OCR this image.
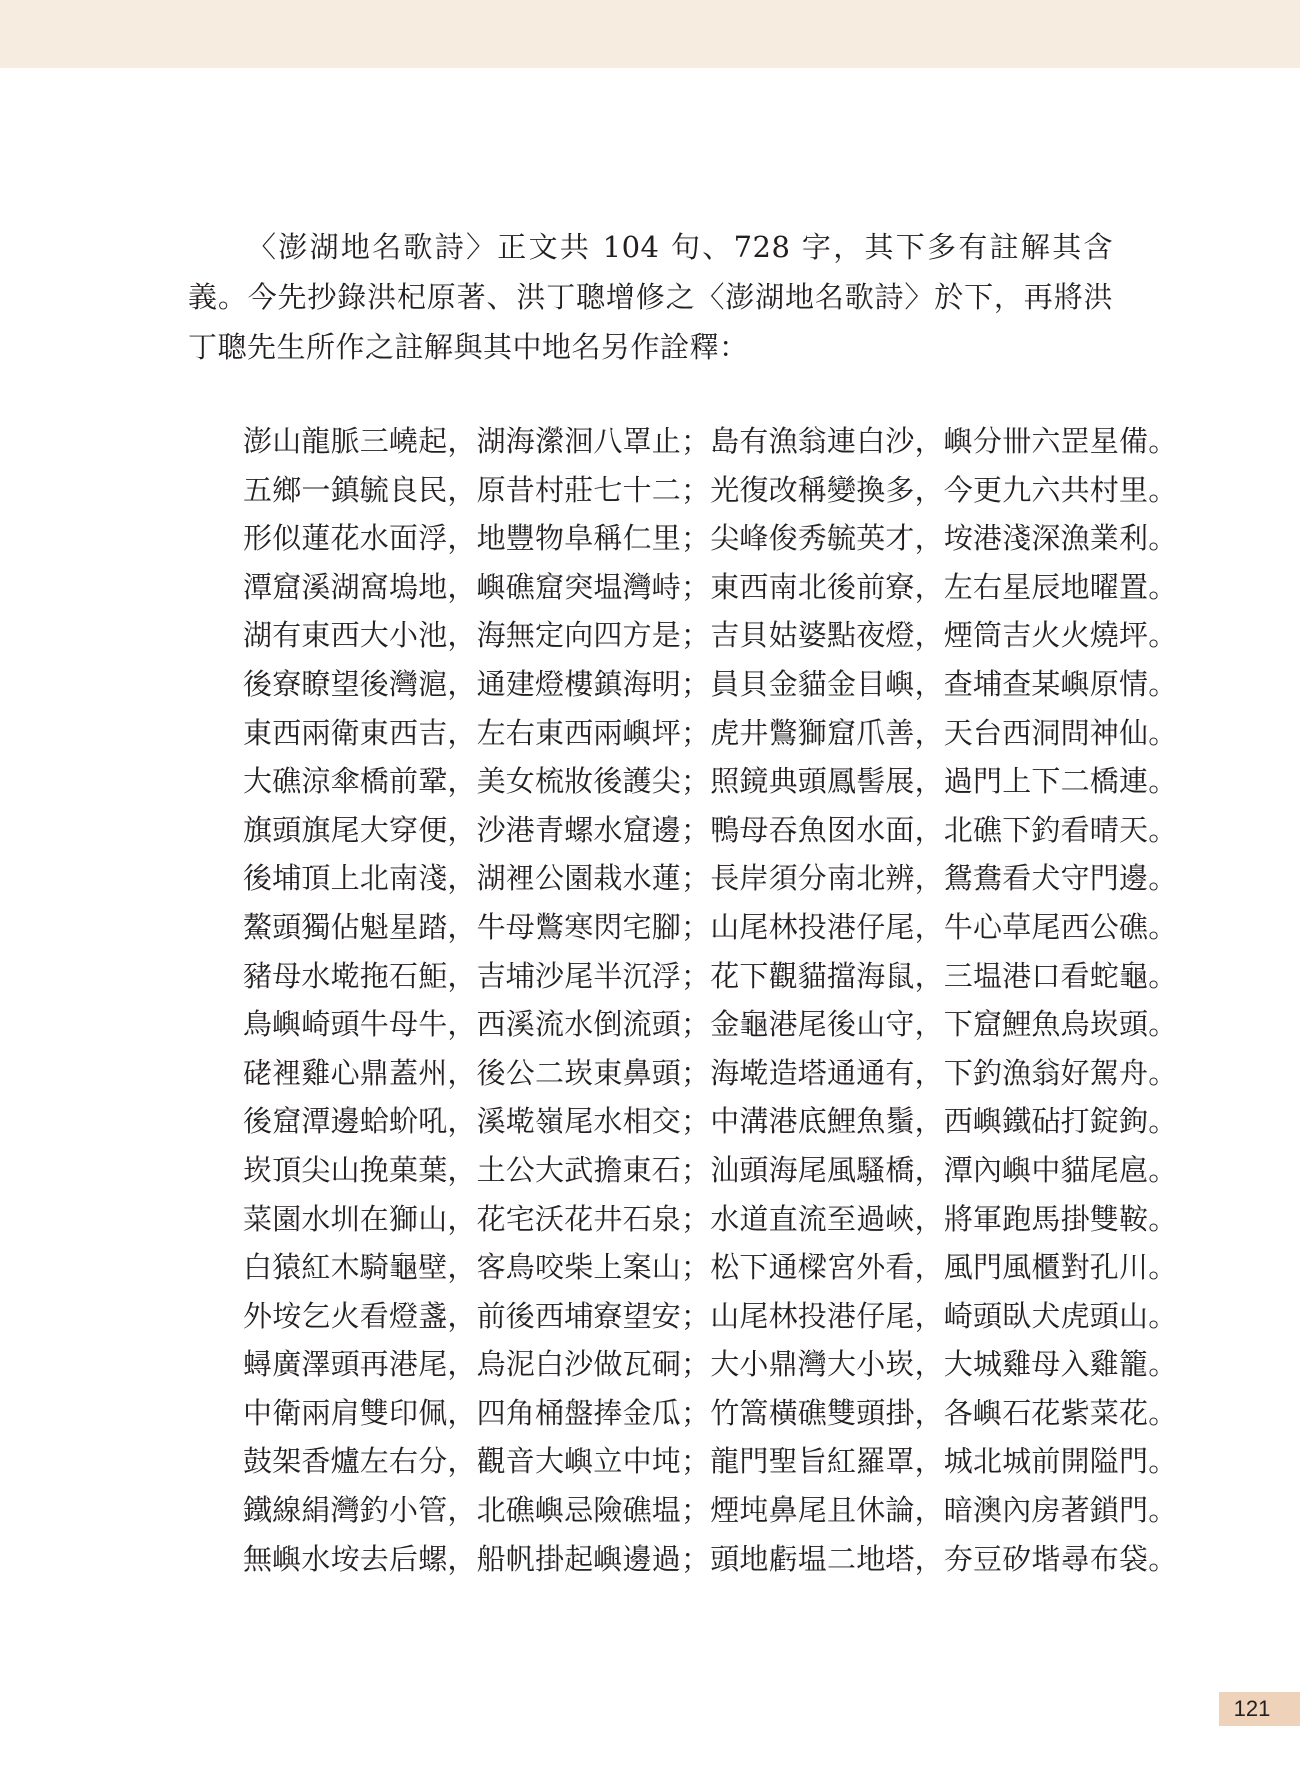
〈澎湖地名歌詩〉正文共 104 句、728 字，其下多有註解其含義。今先抄錄洪杞原著、洪丁聰增修之〈澎湖地名歌詩〉於下，再將洪丁聰先生所作之註解與其中地名另作詮釋：

澎山龍脈三嶢起，湖海瀠洄八罩止；島有漁翁連白沙，嶼分卌六罡星備。
五鄉一鎮毓良民，原昔村莊七十二；光復改稱變換多，今更九六共村里。
形似蓮花水面浮，地豐物阜稱仁里；尖峰俊秀毓英才，垵港淺深漁業利。
潭窟溪湖窩塢地，嶼礁窟突塭灣峙；東西南北後前寮，左右星辰地曜置。
湖有東西大小池，海無定向四方是；吉貝姑婆點夜燈，煙筒吉火火燒坪。
後寮瞭望後灣滬，通建燈樓鎮海明；員貝金貓金目嶼，查埔查某嶼原情。
東西兩衛東西吉，左右東西兩嶼坪；虎井鷩獅窟爪善，天台西洞問神仙。
大礁涼傘橋前鞏，美女梳妝後護尖；照鏡典頭鳳髻展，過門上下二橋連。
旗頭旗尾大穿便，沙港青螺水窟邊；鴨母吞魚囡水面，北礁下釣看晴天。
後埔頂上北南淺，湖裡公園栽水蓮；長岸須分南北辨，鴛鴦看犬守門邊。
鰲頭獨佔魁星踏，牛母鷩寒閃宅腳；山尾林投港仔尾，牛心草尾西公礁。
豬母水墘拖石鮔，吉埔沙尾半沉浮；花下觀貓擋海鼠，三塭港口看蛇龜。
鳥嶼崎頭牛母牛，西溪流水倒流頭；金龜港尾後山守，下窟鯉魚烏崁頭。
硓裡雞心鼎蓋州，後公二崁東鼻頭；海墘造塔通通有，下釣漁翁好駕舟。
後窟潭邊蛤蚧吼，溪墘嶺尾水相交；中溝港底鯉魚鬚，西嶼鐵砧打錠鉤。
崁頂尖山挽菓葉，土公大武擔東石；汕頭海尾風騷橋，潭內嶼中貓尾扈。
菜園水圳在獅山，花宅沃花井石泉；水道直流至過峽，將軍跑馬掛雙鞍。
白猿紅木騎龜壁，客鳥咬柴上案山；松下通樑宮外看，風門風櫃對孔川。
外垵乞火看燈盞，前後西埔寮望安；山尾林投港仔尾，崎頭臥犬虎頭山。
蟳廣澤頭再港尾，烏泥白沙做瓦硐；大小鼎灣大小崁，大城雞母入雞籠。
中衛兩肩雙印佩，四角桶盤捧金瓜；竹篙橫礁雙頭掛，各嶼石花紫菜花。
鼓架香爐左右分，觀音大嶼立中坉；龍門聖旨紅羅罩，城北城前開隘門。
鐵線絹灣釣小管，北礁嶼忌險礁塭；煙坉鼻尾且休論，暗澳內房著鎖門。
無嶼水垵去后螺，船帆掛起嶼邊過；頭地虧塭二地塔，夯豆矽堦尋布袋。
121
